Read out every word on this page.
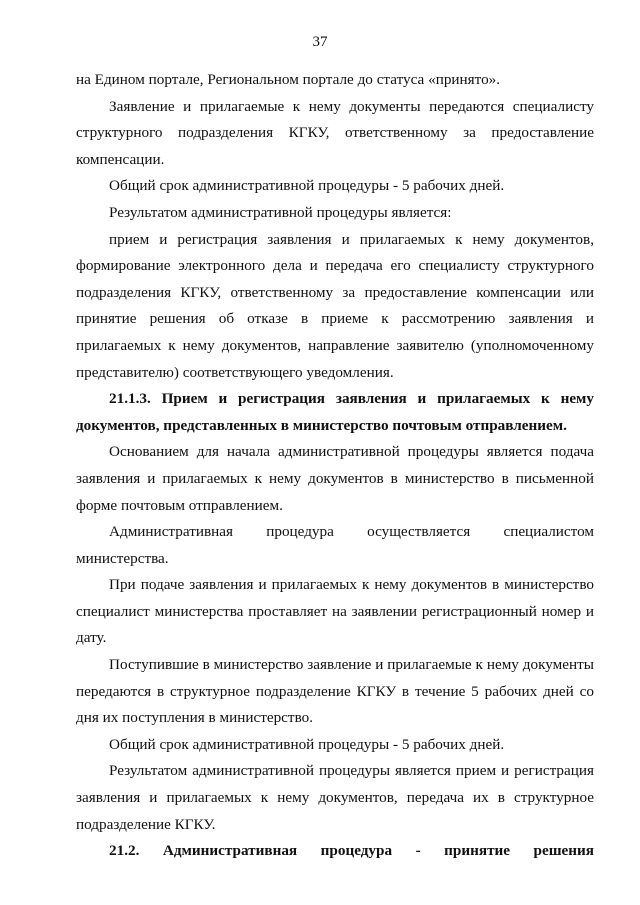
37

на Едином портале, Региональном портале до статуса «принято».

Заявление и прилагаемые к нему документы передаются специалисту структурного подразделения КГКУ, ответственному за предоставление компенсации.

Общий срок административной процедуры - 5 рабочих дней.

Результатом административной процедуры является:

прием и регистрация заявления и прилагаемых к нему документов, формирование электронного дела и передача его специалисту структурного подразделения КГКУ, ответственному за предоставление компенсации или принятие решения об отказе в приеме к рассмотрению заявления и прилагаемых к нему документов, направление заявителю (уполномоченному представителю) соответствующего уведомления.

21.1.3. Прием и регистрация заявления и прилагаемых к нему документов, представленных в министерство почтовым отправлением.

Основанием для начала административной процедуры является подача заявления и прилагаемых к нему документов в министерство в письменной форме почтовым отправлением.

Административная процедура осуществляется специалистом министерства.

При подаче заявления и прилагаемых к нему документов в министерство специалист министерства проставляет на заявлении регистрационный номер и дату.

Поступившие в министерство заявление и прилагаемые к нему документы передаются в структурное подразделение КГКУ в течение 5 рабочих дней со дня их поступления в министерство.

Общий срок административной процедуры - 5 рабочих дней.

Результатом административной процедуры является прием и регистрация заявления и прилагаемых к нему документов, передача их в структурное подразделение КГКУ.

21.2. Административная процедура - принятие решения
